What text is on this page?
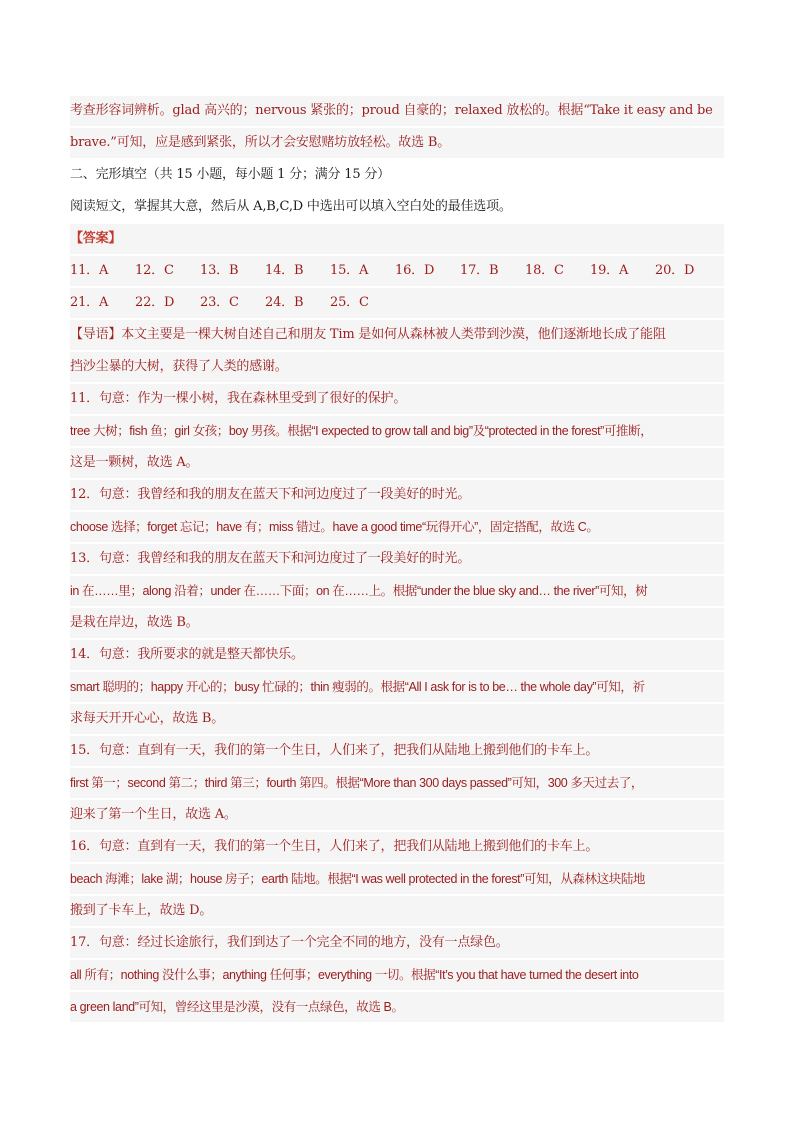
考查形容词辨析。glad 高兴的；nervous 紧张的；proud 自豪的；relaxed 放松的。根据“Take it easy and be
brave.”可知，应是感到紧张，所以才会安慰赌坊放轻松。故选 B。
二、完形填空（共 15 小题，每小题 1 分；满分 15 分）
阅读短文，掌握其大意，然后从 A,B,C,D 中选出可以填入空白处的最佳选项。
【答案】
11．A	12．C	13．B	14．B	15．A	16．D	17．B	18．C	19．A	20．D
21．A	22．D	23．C	24．B	25．C
【导语】本文主要是一棵大树自述自己和朋友 Tim 是如何从森林被人类带到沙漠，他们逐渐地长成了能阻
挡沙尘暴的大树，获得了人类的感谢。
11．句意：作为一棵小树，我在森林里受到了很好的保护。
tree 大树；fish 鱼；girl 女孩；boy 男孩。根据“I expected to grow tall and big”及“protected in the forest”可推断，
这是一颗树，故选 A。
12．句意：我曾经和我的朋友在蓝天下和河边度过了一段美好的时光。
choose 选择；forget 忘记；have 有；miss 错过。have a good time“玩得开心”，固定搭配，故选 C。
13．句意：我曾经和我的朋友在蓝天下和河边度过了一段美好的时光。
in 在……里；along 沿着；under 在……下面；on 在……上。根据“under the blue sky and… the river”可知，树
是栽在岸边，故选 B。
14．句意：我所要求的就是整天都快乐。
smart 聪明的；happy 开心的；busy 忙碌的；thin 瘦弱的。根据“All I ask for is to be… the whole day”可知，祈
求每天开开心心，故选 B。
15．句意：直到有一天，我们的第一个生日，人们来了，把我们从陆地上搬到他们的卡车上。
first 第一；second 第二；third 第三；fourth 第四。根据“More than 300 days passed”可知，300 多天过去了，
迎来了第一个生日，故选 A。
16．句意：直到有一天，我们的第一个生日，人们来了，把我们从陆地上搬到他们的卡车上。
beach 海滩；lake 湖；house 房子；earth 陆地。根据“I was well protected in the forest”可知，从森林这块陆地
搬到了卡车上，故选 D。
17．句意：经过长途旅行，我们到达了一个完全不同的地方，没有一点绿色。
all 所有；nothing 没什么事；anything 任何事；everything 一切。根据“It’s you that have turned the desert into
a green land”可知，曾经这里是沙漠，没有一点绿色，故选 B。
